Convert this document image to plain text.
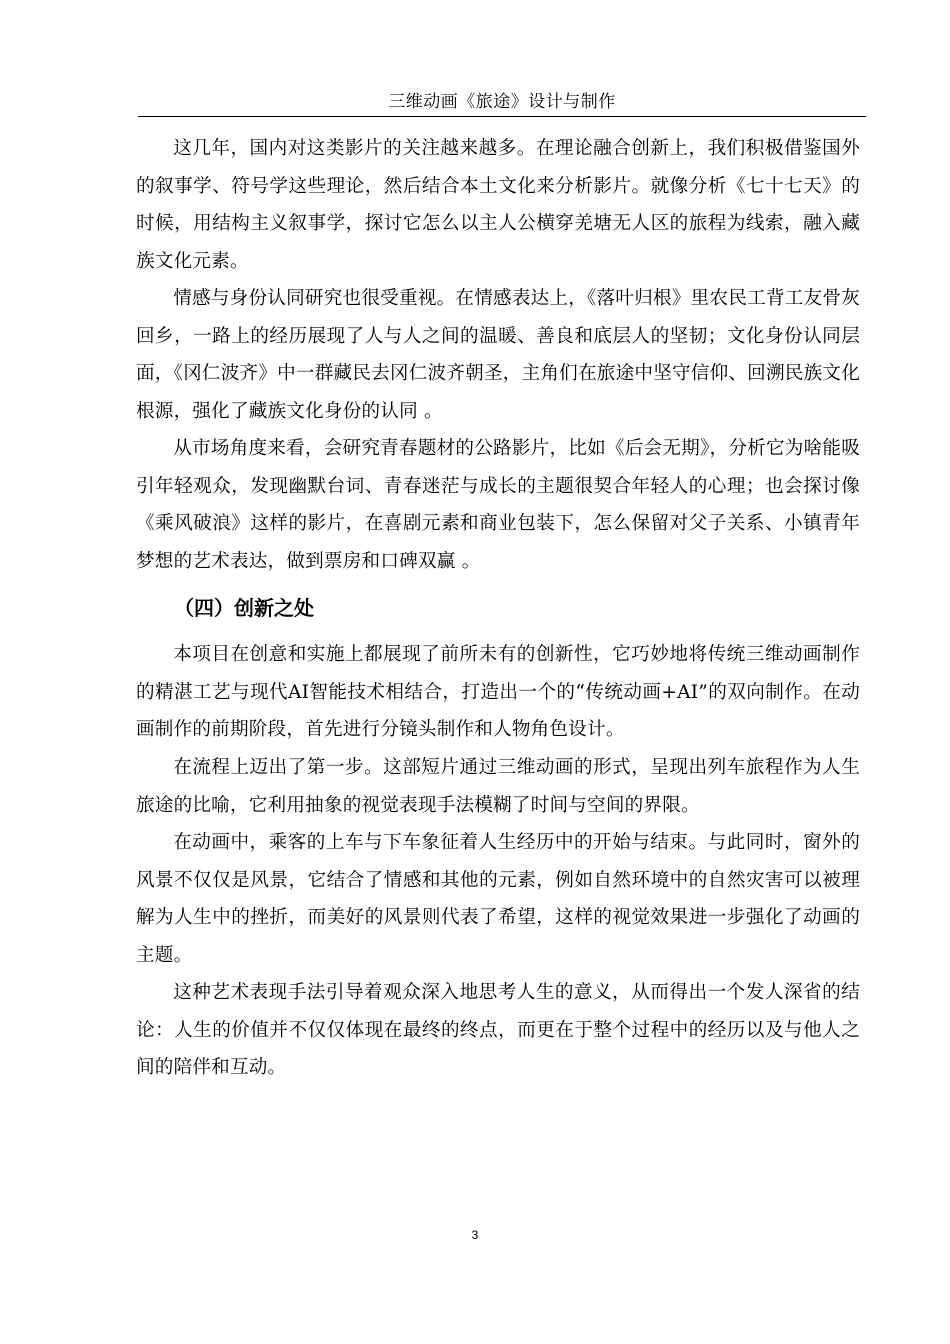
三维动画《旅途》设计与制作

这几年，国内对这类影片的关注越来越多。在理论融合创新上，我们积极借鉴国外的叙事学、符号学这些理论，然后结合本土文化来分析影片。就像分析《七十七天》的时候，用结构主义叙事学，探讨它怎么以主人公横穿羌塘无人区的旅程为线索，融入藏族文化元素。

情感与身份认同研究也很受重视。在情感表达上，《落叶归根》里农民工背工友骨灰回乡，一路上的经历展现了人与人之间的温暖、善良和底层人的坚韧；文化身份认同层面，《冈仁波齐》中一群藏民去冈仁波齐朝圣，主角们在旅途中坚守信仰、回溯民族文化根源，强化了藏族文化身份的认同 。

从市场角度来看，会研究青春题材的公路影片，比如《后会无期》，分析它为啥能吸引年轻观众，发现幽默台词、青春迷茫与成长的主题很契合年轻人的心理；也会探讨像《乘风破浪》这样的影片，在喜剧元素和商业包装下，怎么保留对父子关系、小镇青年梦想的艺术表达，做到票房和口碑双赢 。

（四）创新之处

本项目在创意和实施上都展现了前所未有的创新性，它巧妙地将传统三维动画制作的精湛工艺与现代AI智能技术相结合，打造出一个的“传统动画+AI”的双向制作。在动画制作的前期阶段，首先进行分镜头制作和人物角色设计。

在流程上迈出了第一步。这部短片通过三维动画的形式，呈现出列车旅程作为人生旅途的比喻，它利用抽象的视觉表现手法模糊了时间与空间的界限。

在动画中，乘客的上车与下车象征着人生经历中的开始与结束。与此同时，窗外的风景不仅仅是风景，它结合了情感和其他的元素，例如自然环境中的自然灾害可以被理解为人生中的挫折，而美好的风景则代表了希望，这样的视觉效果进一步强化了动画的主题。

这种艺术表现手法引导着观众深入地思考人生的意义，从而得出一个发人深省的结论：人生的价值并不仅仅体现在最终的终点，而更在于整个过程中的经历以及与他人之间的陪伴和互动。

3
